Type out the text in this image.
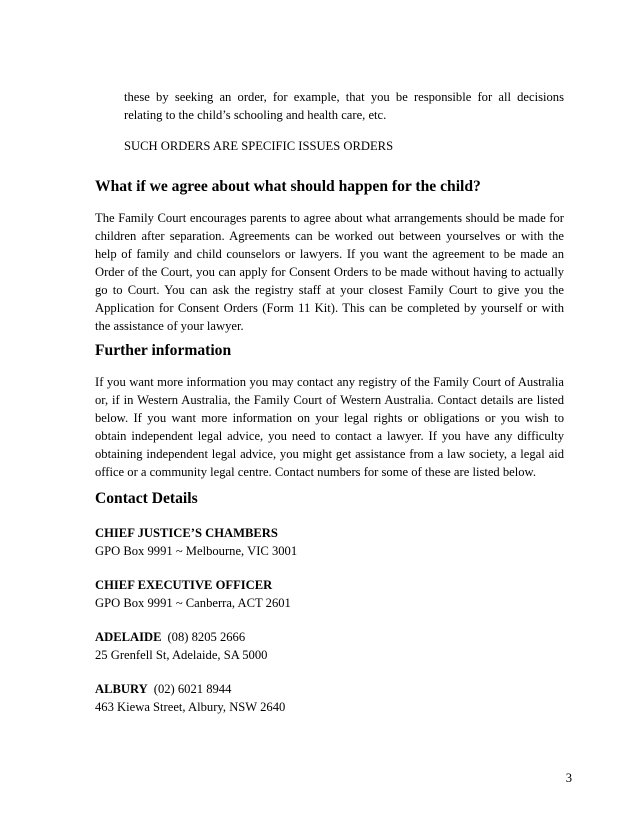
these by seeking an order, for example, that you be responsible for all decisions relating to the child’s schooling and health care, etc.

SUCH ORDERS ARE SPECIFIC ISSUES ORDERS

What if we agree about what should happen for the child?

The Family Court encourages parents to agree about what arrangements should be made for children after separation. Agreements can be worked out between yourselves or with the help of family and child counselors or lawyers. If you want the agreement to be made an Order of the Court, you can apply for Consent Orders to be made without having to actually go to Court. You can ask the registry staff at your closest Family Court to give you the Application for Consent Orders (Form 11 Kit). This can be completed by yourself or with the assistance of your lawyer.

Further information

If you want more information you may contact any registry of the Family Court of Australia or, if in Western Australia, the Family Court of Western Australia. Contact details are listed below. If you want more information on your legal rights or obligations or you wish to obtain independent legal advice, you need to contact a lawyer. If you have any difficulty obtaining independent legal advice, you might get assistance from a law society, a legal aid office or a community legal centre. Contact numbers for some of these are listed below.

Contact Details
CHIEF JUSTICE’S CHAMBERS
GPO Box 9991 ~ Melbourne, VIC 3001
CHIEF EXECUTIVE OFFICER
GPO Box 9991 ~ Canberra, ACT 2601
ADELAIDE (08) 8205 2666
25 Grenfell St, Adelaide, SA 5000
ALBURY (02) 6021 8944
463 Kiewa Street, Albury, NSW 2640
3
